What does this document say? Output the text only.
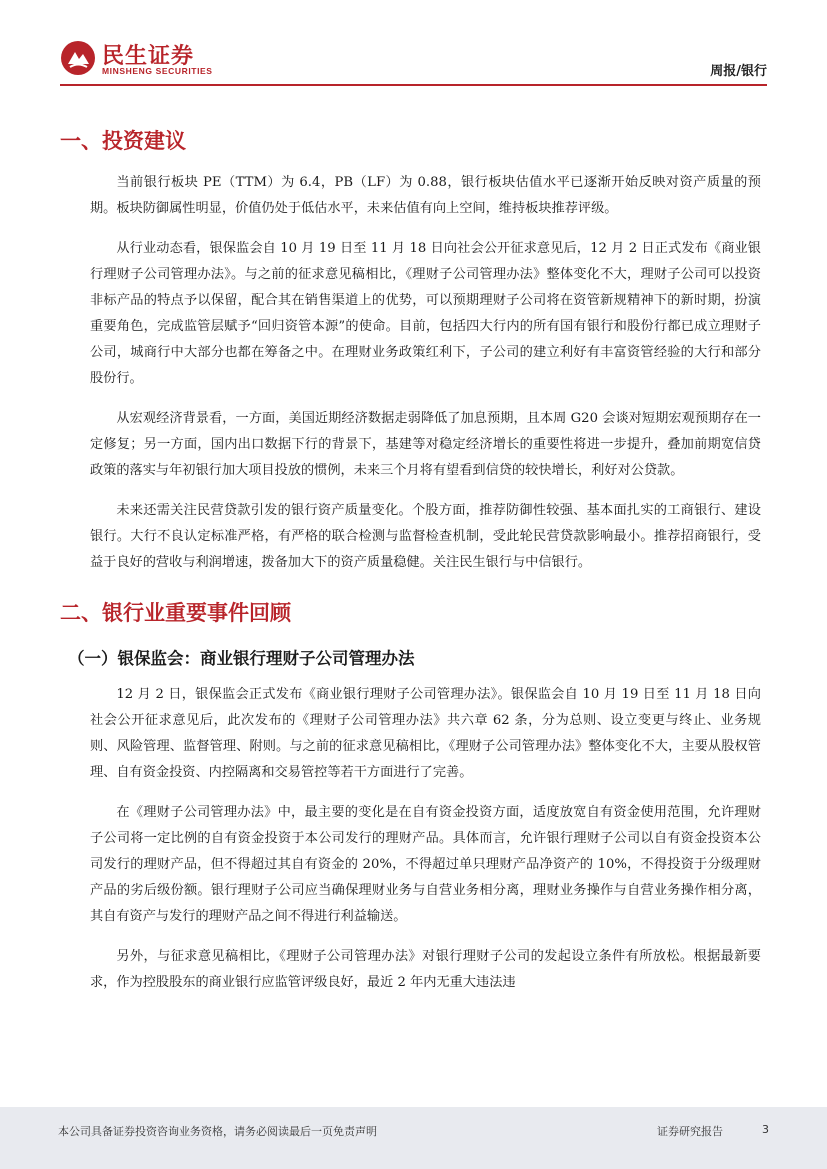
民生证券
MINSHENG SECURITIES	周报/银行
一、投资建议

当前银行板块 PE（TTM）为 6.4，PB（LF）为 0.88，银行板块估值水平已逐渐开始反映对资产质量的预期。板块防御属性明显，价值仍处于低估水平，未来估值有向上空间，维持板块推荐评级。

从行业动态看，银保监会自 10 月 19 日至 11 月 18 日向社会公开征求意见后，12 月 2 日正式发布《商业银行理财子公司管理办法》。与之前的征求意见稿相比，《理财子公司管理办法》整体变化不大，理财子公司可以投资非标产品的特点予以保留，配合其在销售渠道上的优势，可以预期理财子公司将在资管新规精神下的新时期，扮演重要角色，完成监管层赋予“回归资管本源”的使命。目前，包括四大行内的所有国有银行和股份行都已成立理财子公司，城商行中大部分也都在筹备之中。在理财业务政策红利下，子公司的建立利好有丰富资管经验的大行和部分股份行。

从宏观经济背景看，一方面，美国近期经济数据走弱降低了加息预期，且本周 G20 会谈对短期宏观预期存在一定修复；另一方面，国内出口数据下行的背景下，基建等对稳定经济增长的重要性将进一步提升，叠加前期宽信贷政策的落实与年初银行加大项目投放的惯例，未来三个月将有望看到信贷的较快增长，利好对公贷款。

未来还需关注民营贷款引发的银行资产质量变化。个股方面，推荐防御性较强、基本面扎实的工商银行、建设银行。大行不良认定标准严格，有严格的联合检测与监督检查机制，受此轮民营贷款影响最小。推荐招商银行，受益于良好的营收与利润增速，拨备加大下的资产质量稳健。关注民生银行与中信银行。

二、银行业重要事件回顾
（一）银保监会：商业银行理财子公司管理办法

12 月 2 日，银保监会正式发布《商业银行理财子公司管理办法》。银保监会自 10 月 19 日至 11 月 18 日向社会公开征求意见后，此次发布的《理财子公司管理办法》共六章 62 条，分为总则、设立变更与终止、业务规则、风险管理、监督管理、附则。与之前的征求意见稿相比，《理财子公司管理办法》整体变化不大，主要从股权管理、自有资金投资、内控隔离和交易管控等若干方面进行了完善。

在《理财子公司管理办法》中，最主要的变化是在自有资金投资方面，适度放宽自有资金使用范围，允许理财子公司将一定比例的自有资金投资于本公司发行的理财产品。具体而言，允许银行理财子公司以自有资金投资本公司发行的理财产品，但不得超过其自有资金的 20%，不得超过单只理财产品净资产的 10%，不得投资于分级理财产品的劣后级份额。银行理财子公司应当确保理财业务与自营业务相分离，理财业务操作与自营业务操作相分离，其自有资产与发行的理财产品之间不得进行利益输送。

另外，与征求意见稿相比，《理财子公司管理办法》对银行理财子公司的发起设立条件有所放松。根据最新要求，作为控股股东的商业银行应监管评级良好，最近 2 年内无重大违法违

本公司具备证券投资咨询业务资格，请务必阅读最后一页免责声明	证券研究报告	3
